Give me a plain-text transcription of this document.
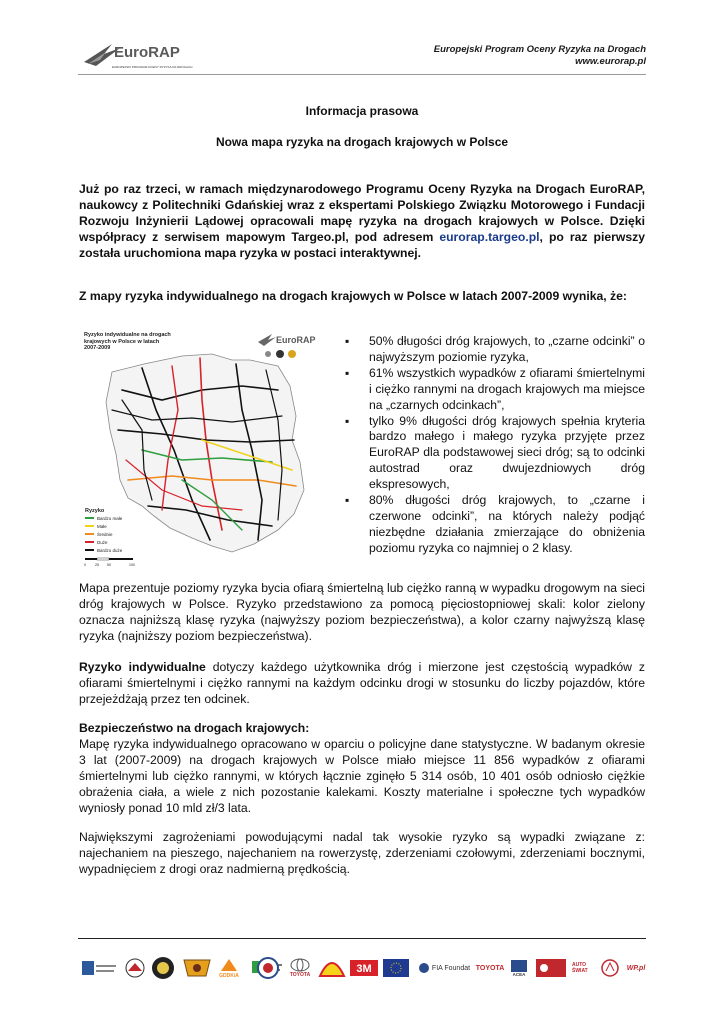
EuroRAP
EUROPEJSKI PROGRAM OCENY RYZYKA NA DROGACH
Europejski Program Oceny Ryzyka na Drogach
www.eurorap.pl
Informacja prasowa
Nowa mapa ryzyka na drogach krajowych w Polsce
Już po raz trzeci, w ramach międzynarodowego Programu Oceny Ryzyka na Drogach EuroRAP, naukowcy z Politechniki Gdańskiej wraz z ekspertami Polskiego Związku Motorowego i Fundacji Rozwoju Inżynierii Lądowej opracowali mapę ryzyka na drogach krajowych w Polsce. Dzięki współpracy z serwisem mapowym Targeo.pl, pod adresem eurorap.targeo.pl, po raz pierwszy została uruchomiona mapa ryzyka w postaci interaktywnej.
Z mapy ryzyka indywidualnego na drogach krajowych w Polsce w latach 2007-2009 wynika, że:
Ryzyko indywidualne na drogach krajowych w Polsce w latach 2007-2009
EuroRAP
Ryzyko
Bardzo małe
Małe
Średnie
Duże
Bardzo duże
0	25 50	100
▪ 50% długości dróg krajowych, to „czarne odcinki” o najwyższym poziomie ryzyka,
▪ 61% wszystkich wypadków z ofiarami śmiertelnymi i ciężko rannymi na drogach krajowych ma miejsce na „czarnych odcinkach”,
▪ tylko 9% długości dróg krajowych spełnia kryteria bardzo małego i małego ryzyka przyjęte przez EuroRAP dla podstawowej sieci dróg; są to odcinki autostrad oraz dwujezdniowych dróg ekspresowych,
▪ 80% długości dróg krajowych, to „czarne i czerwone odcinki”, na których należy podjąć niezbędne działania zmierzające do obniżenia poziomu ryzyka co najmniej o 2 klasy.
Mapa prezentuje poziomy ryzyka bycia ofiarą śmiertelną lub ciężko ranną w wypadku drogowym na sieci dróg krajowych w Polsce. Ryzyko przedstawiono za pomocą pięciostopniowej skali: kolor zielony oznacza najniższą klasę ryzyka (najwyższy poziom bezpieczeństwa), a kolor czarny najwyższą klasę ryzyka (najniższy poziom bezpieczeństwa).
Ryzyko indywidualne dotyczy każdego użytkownika dróg i mierzone jest częstością wypadków z ofiarami śmiertelnymi i ciężko rannymi na każdym odcinku drogi w stosunku do liczby pojazdów, które przejeżdżają przez ten odcinek.
Bezpieczeństwo na drogach krajowych:
Mapę ryzyka indywidualnego opracowano w oparciu o policyjne dane statystyczne. W badanym okresie 3 lat (2007-2009) na drogach krajowych w Polsce miało miejsce 11 856 wypadków z ofiarami śmiertelnymi lub ciężko rannymi, w których łącznie zginęło 5 314 osób, 10 401 osób odniosło ciężkie obrażenia ciała, a wiele z nich pozostanie kalekami. Koszty materialne i społeczne tych wypadków wyniosły ponad 10 mld zł/3 lata.
Największymi zagrożeniami powodującymi nadal tak wysokie ryzyko są wypadki związane z: najechaniem na pieszego, najechaniem na rowerzystę, zderzeniami czołowymi, zderzeniami bocznymi, wypadnięciem z drogi oraz nadmierną prędkością.
GDDKiA	TOYOTA	3M	FIA Foundat TOYOTA
ACEA
AUTO ŚWIAT	WP.pl
